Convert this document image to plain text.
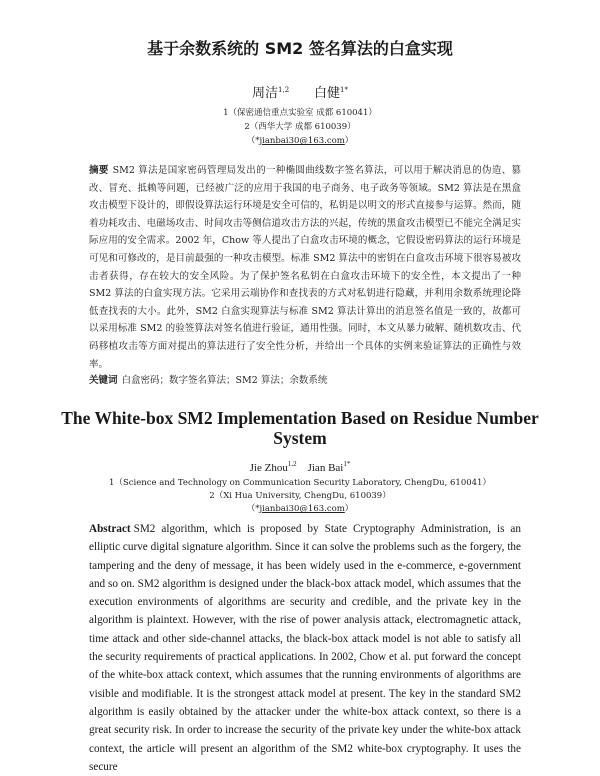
基于余数系统的 SM2 签名算法的白盒实现
周洁$^{1,2}$ 白健$^{1*}$
1（保密通信重点实验室 成都 610041）
2（西华大学 成都 610039）
（*jianbai30@163.com）
摘要 SM2 算法是国家密码管理局发出的一种椭圆曲线数字签名算法，可以用于解决消息的伪造、篡改、冒充、抵赖等问题，已经被广泛的应用于我国的电子商务、电子政务等领域。SM2 算法是在黑盒攻击模型下设计的，即假设算法运行环境是安全可信的，私钥是以明文的形式直接参与运算。然而，随着功耗攻击、电磁场攻击、时间攻击等侧信道攻击方法的兴起，传统的黑盒攻击模型已不能完全满足实际应用的安全需求。2002 年，Chow 等人提出了白盒攻击环境的概念，它假设密码算法的运行环境是可见和可修改的，是目前最强的一种攻击模型。标准 SM2 算法中的密钥在白盒攻击环境下很容易被攻击者获得，存在较大的安全风险。为了保护签名私钥在白盒攻击环境下的安全性，本文提出了一种 SM2 算法的白盒实现方法。它采用云端协作和查找表的方式对私钥进行隐藏，并利用余数系统理论降低查找表的大小。此外，SM2 白盒实现算法与标准 SM2 算法计算出的消息签名值是一致的，故都可以采用标准 SM2 的验签算法对签名值进行验证，通用性强。同时，本文从暴力破解、随机数攻击、代码移植攻击等方面对提出的算法进行了安全性分析，并给出一个具体的实例来验证算法的正确性与效率。
关键词 白盒密码；数字签名算法；SM2 算法；余数系统
The White-box SM2 Implementation Based on Residue Number System
Jie Zhou$^{1,2}$ Jian Bai$^{1*}$
1（Science and Technology on Communication Security Laboratory, ChengDu, 610041）
2（Xi Hua University, ChengDu, 610039）
（*jianbai30@163.com）
Abstract SM2 algorithm, which is proposed by State Cryptography Administration, is an elliptic curve digital signature algorithm. Since it can solve the problems such as the forgery, the tampering and the deny of message, it has been widely used in the e-commerce, e-government and so on. SM2 algorithm is designed under the black-box attack model, which assumes that the execution environments of algorithms are security and credible, and the private key in the algorithm is plaintext. However, with the rise of power analysis attack, electromagnetic attack, time attack and other side-channel attacks, the black-box attack model is not able to satisfy all the security requirements of practical applications. In 2002, Chow et al. put forward the concept of the white-box attack context, which assumes that the running environments of algorithms are visible and modifiable. It is the strongest attack model at present. The key in the standard SM2 algorithm is easily obtained by the attacker under the white-box attack context, so there is a great security risk. In order to increase the security of the private key under the white-box attack context, the article will present an algorithm of the SM2 white-box cryptography. It uses the secure
